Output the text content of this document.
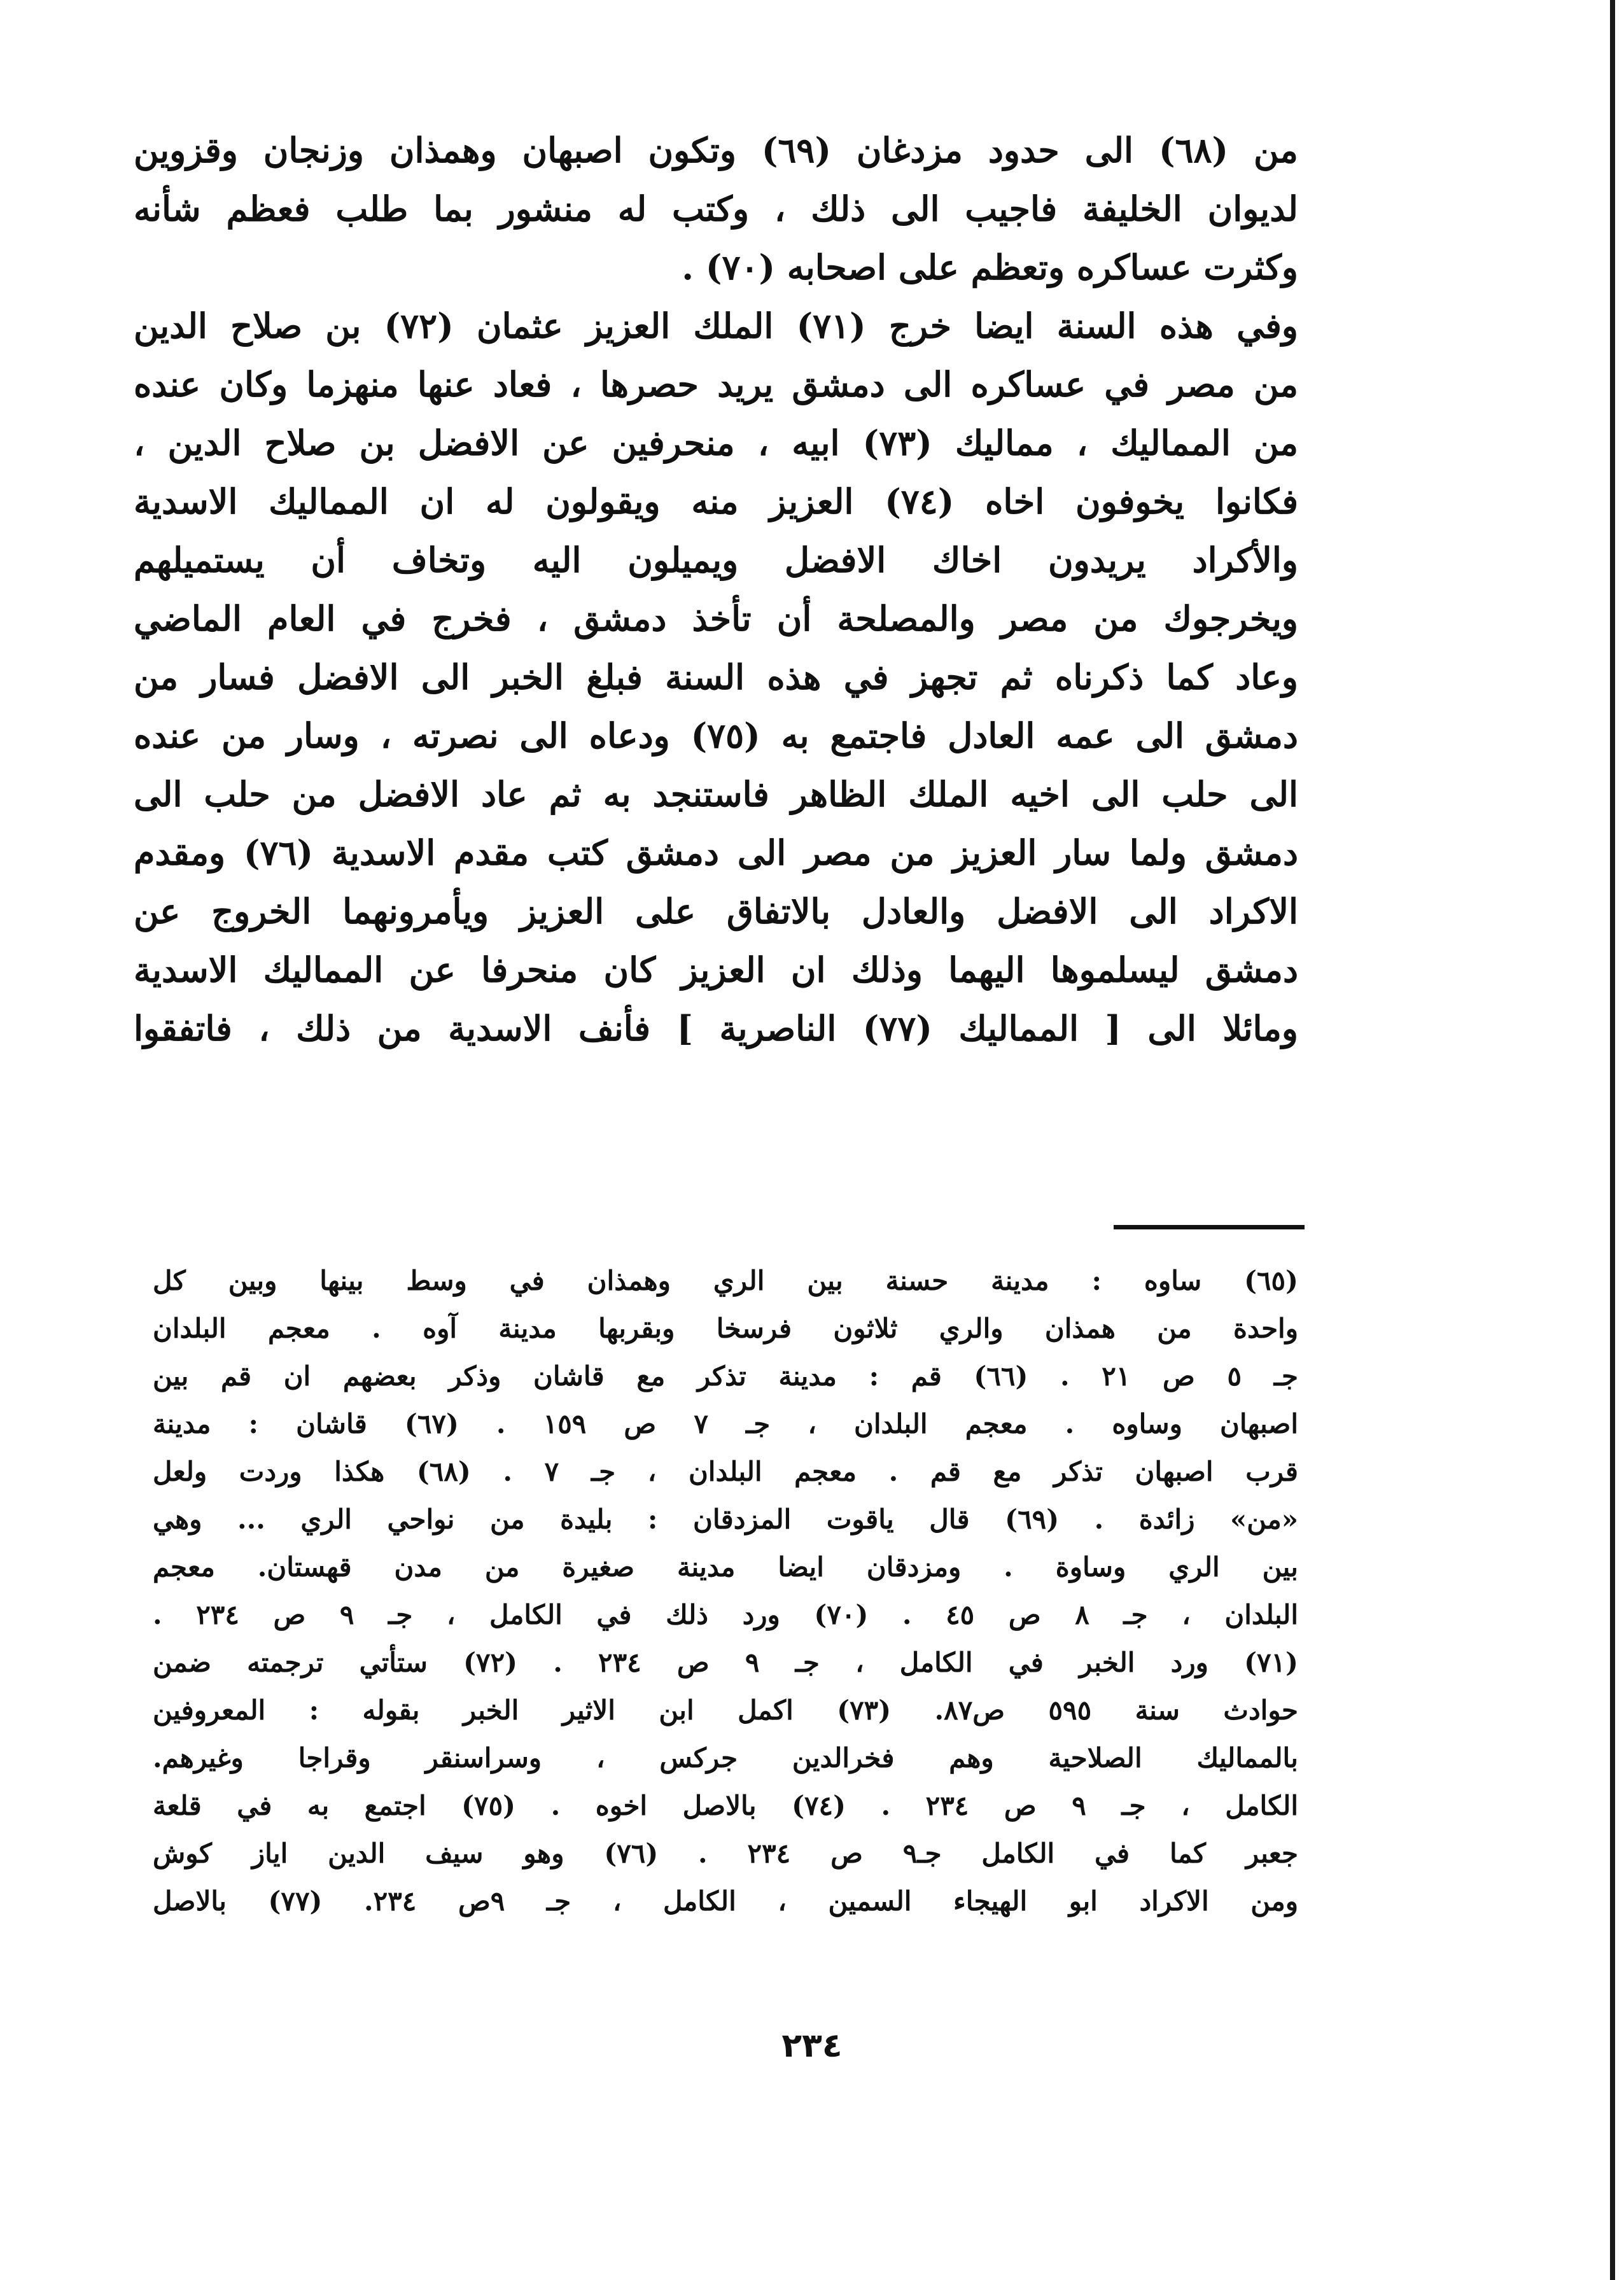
من (٦٨) الى حدود مزدغان (٦٩) وتكون اصبهان وهمذان وزنجان وقزوين
لديوان الخليفة فاجيب الى ذلك ، وكتب له منشور بما طلب فعظم شأنه
وكثرت عساكره وتعظم على اصحابه (٧٠) .
وفي هذه السنة ايضا خرج (٧١) الملك العزيز عثمان (٧٢) بن صلاح الدين
من مصر في عساكره الى دمشق يريد حصرها ، فعاد عنها منهزما وكان عنده
من المماليك ، مماليك (٧٣) ابيه ، منحرفين عن الافضل بن صلاح الدين ،
فكانوا يخوفون اخاه (٧٤) العزيز منه ويقولون له ان المماليك الاسدية
والأكراد يريدون اخاك الافضل ويميلون اليه وتخاف أن يستميلهم
ويخرجوك من مصر والمصلحة أن تأخذ دمشق ، فخرج في العام الماضي
وعاد كما ذكرناه ثم تجهز في هذه السنة فبلغ الخبر الى الافضل فسار من
دمشق الى عمه العادل فاجتمع به (٧٥) ودعاه الى نصرته ، وسار من عنده
الى حلب الى اخيه الملك الظاهر فاستنجد به ثم عاد الافضل من حلب الى
دمشق ولما سار العزيز من مصر الى دمشق كتب مقدم الاسدية (٧٦) ومقدم
الاكراد الى الافضل والعادل بالاتفاق على العزيز ويأمرونهما الخروج عن
دمشق ليسلموها اليهما وذلك ان العزيز كان منحرفا عن المماليك الاسدية
ومائلا الى [ المماليك (٧٧) الناصرية ] فأنف الاسدية من ذلك ، فاتفقوا
(٦٥) ساوه : مدينة حسنة بين الري وهمذان في وسط بينها وبين كل
واحدة من همذان والري ثلاثون فرسخا وبقربها مدينة آوه . معجم البلدان
جـ ٥ ص ٢١ . (٦٦) قم : مدينة تذكر مع قاشان وذكر بعضهم ان قم بين
اصبهان وساوه . معجم البلدان ، جـ ٧ ص ١٥٩ . (٦٧) قاشان : مدينة
قرب اصبهان تذكر مع قم . معجم البلدان ، جـ ٧ . (٦٨) هكذا وردت ولعل
«من» زائدة . (٦٩) قال ياقوت المزدقان : بليدة من نواحي الري ... وهي
بين الري وساوة . ومزدقان ايضا مدينة صغيرة من مدن قهستان. معجم
البلدان ، جـ ٨ ص ٤٥ . (٧٠) ورد ذلك في الكامل ، جـ ٩ ص ٢٣٤ .
(٧١) ورد الخبر في الكامل ، جـ ٩ ص ٢٣٤ . (٧٢) ستأتي ترجمته ضمن
حوادث سنة ٥٩٥ ص٨٧. (٧٣) اكمل ابن الاثير الخبر بقوله : المعروفين
بالمماليك الصلاحية وهم فخرالدين جركس ، وسراسنقر وقراجا وغيرهم.
الكامل ، جـ ٩ ص ٢٣٤ . (٧٤) بالاصل اخوه . (٧٥) اجتمع به في قلعة
جعبر كما في الكامل جـ٩ ص ٢٣٤ . (٧٦) وهو سيف الدين اياز كوش
ومن الاكراد ابو الهيجاء السمين ، الكامل ، جـ ٩ص ٢٣٤. (٧٧) بالاصل
٢٣٤
